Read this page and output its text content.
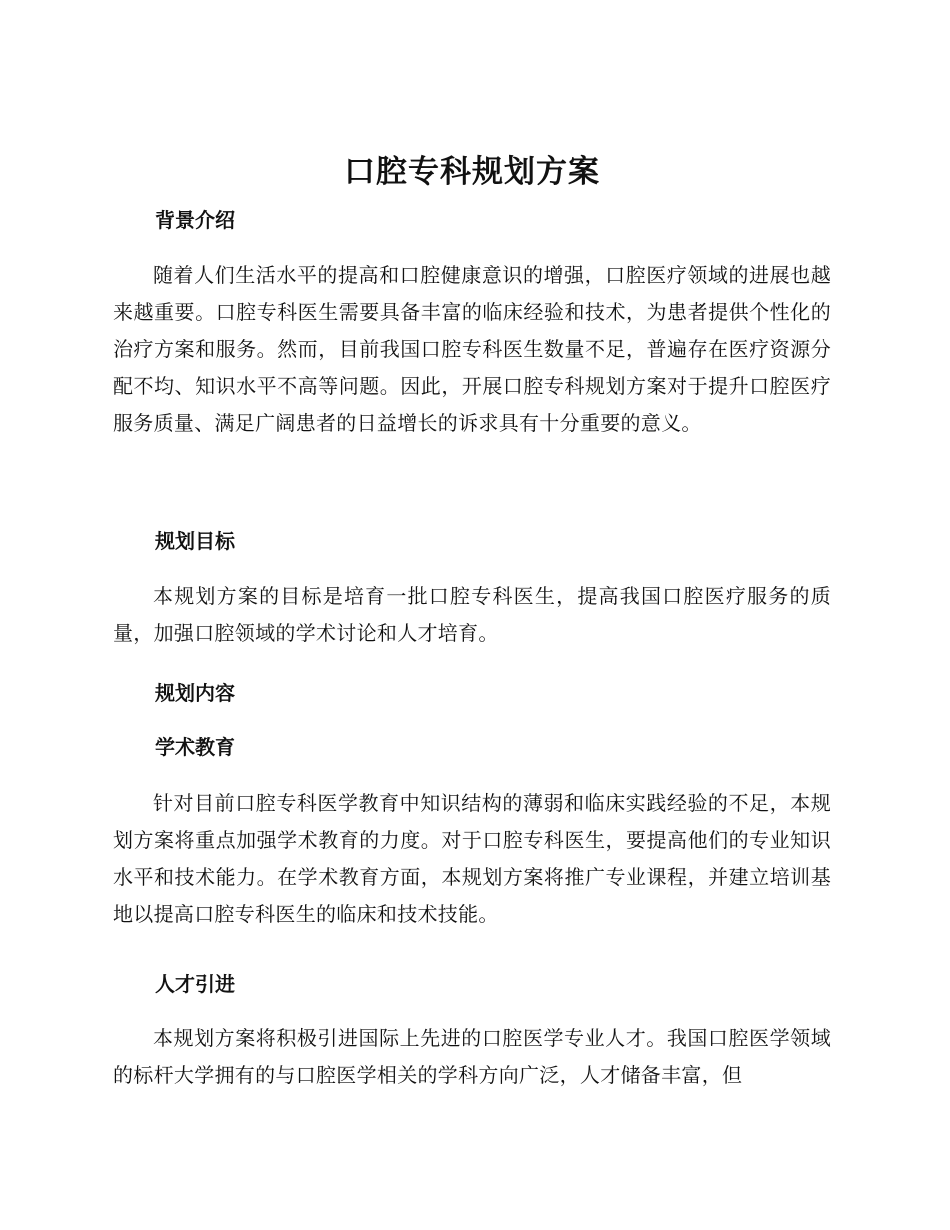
口腔专科规划方案
背景介绍

随着人们生活水平的提高和口腔健康意识的增强，口腔医疗领域的进展也越来越重要。口腔专科医生需要具备丰富的临床经验和技术，为患者提供个性化的治疗方案和服务。然而，目前我国口腔专科医生数量不足，普遍存在医疗资源分配不均、知识水平不高等问题。因此，开展口腔专科规划方案对于提升口腔医疗服务质量、满足广阔患者的日益增长的诉求具有十分重要的意义。

规划目标

本规划方案的目标是培育一批口腔专科医生，提高我国口腔医疗服务的质量，加强口腔领域的学术讨论和人才培育。

规划内容
学术教育

针对目前口腔专科医学教育中知识结构的薄弱和临床实践经验的不足，本规划方案将重点加强学术教育的力度。对于口腔专科医生，要提高他们的专业知识水平和技术能力。在学术教育方面，本规划方案将推广专业课程，并建立培训基地以提高口腔专科医生的临床和技术技能。

人才引进

本规划方案将积极引进国际上先进的口腔医学专业人才。我国口腔医学领域的标杆大学拥有的与口腔医学相关的学科方向广泛，人才储备丰富，但
